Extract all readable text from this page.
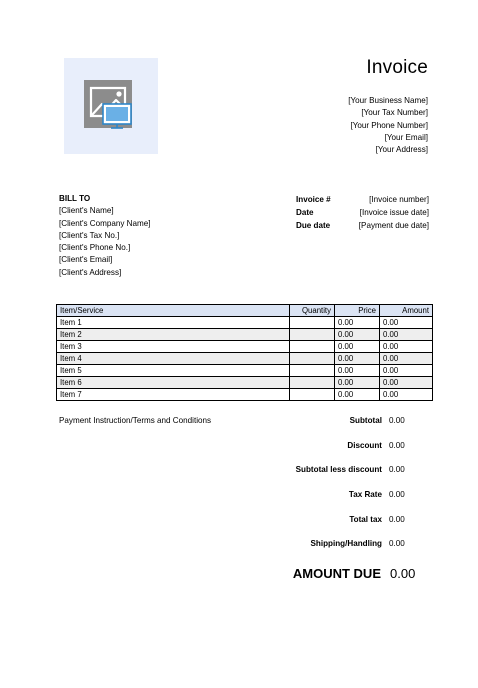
Invoice
[Your Business Name]
[Your Tax Number]
[Your Phone Number]
[Your Email]
[Your Address]
BILL TO
[Client's Name]
[Client's Company Name]
[Client's Tax No.]
[Client's Phone No.]
[Client's Email]
[Client's Address]
Invoice #	[Invoice number]
Date	[Invoice issue date]
Due date	[Payment due date]
Item/Service	Quantity	Price	Amount
Item 1		0.00	0.00
Item 2		0.00	0.00
Item 3		0.00	0.00
Item 4		0.00	0.00
Item 5		0.00	0.00
Item 6		0.00	0.00
Item 7		0.00	0.00
Payment Instruction/Terms and Conditions	Subtotal 0.00
Discount 0.00
Subtotal less discount 0.00
Tax Rate 0.00
Total tax 0.00
Shipping/Handling 0.00
AMOUNT DUE 0.00
